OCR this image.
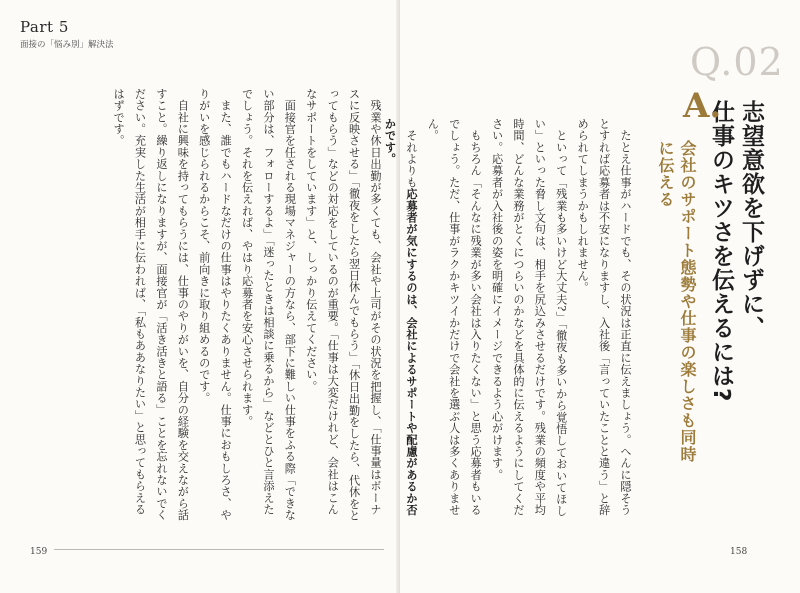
Part 5
面接の「悩み別」解決法

　残業や休日出勤が多くても、会社や上司がその状況を把握し、「仕事量はボーナスに反映させる」「徹夜をしたら翌日休んでもらう」「休日出勤をしたら、代休をとってもらう」などの対応をしているのが重要。「仕事は大変だけれど、会社はこんなサポートをしています」と、しっかり伝えてください。

　面接官を任される現場マネジャーの方なら、部下に難しい仕事をふる際「できない部分は、フォローするよ」「迷ったときは相談に乗るから」などとひと言添えたでしょう。それを伝えれば、やはり応募者を安心させられます。

　また、誰でもハードなだけの仕事はやりたくありません。仕事におもしろさ、やりがいを感じられるからこそ、前向きに取り組めるのです。

　自社に興味を持ってもらうには、仕事のやりがいを、自分の経験を交えながら話すこと。繰り返しになりますが、面接官が「活き活きと語る」ことを忘れないでください。充実した生活が相手に伝われば、「私もああなりたい」と思ってもらえるはずです。

159
Q.02
志望意欲を下げずに、
仕事のキツさを伝えるには?
A.
会社のサポート態勢や仕事の楽しさも同時に伝える

　たとえ仕事がハードでも、その状況は正直に伝えましょう。へんに隠そうとすれば応募者は不安になりますし、入社後「言っていたことと違う」と辞められてしまうかもしれません。

　といって「残業も多いけど大丈夫?」「徹夜も多いから覚悟しておいてほしい」といった脅し文句は、相手を尻込みさせるだけです。残業の頻度や平均時間、どんな業務がとくにつらいのかなどを具体的に伝えるようにしてください。応募者が入社後の姿を明確にイメージできるよう心がけます。

　もちろん「そんなに残業が多い会社は入りたくない」と思う応募者もいるでしょう。ただ、仕事がラクかキツイかだけで会社を選ぶ人は多くありません。

　それよりも応募者が気にするのは、会社によるサポートや配慮があるか否かです。

158
